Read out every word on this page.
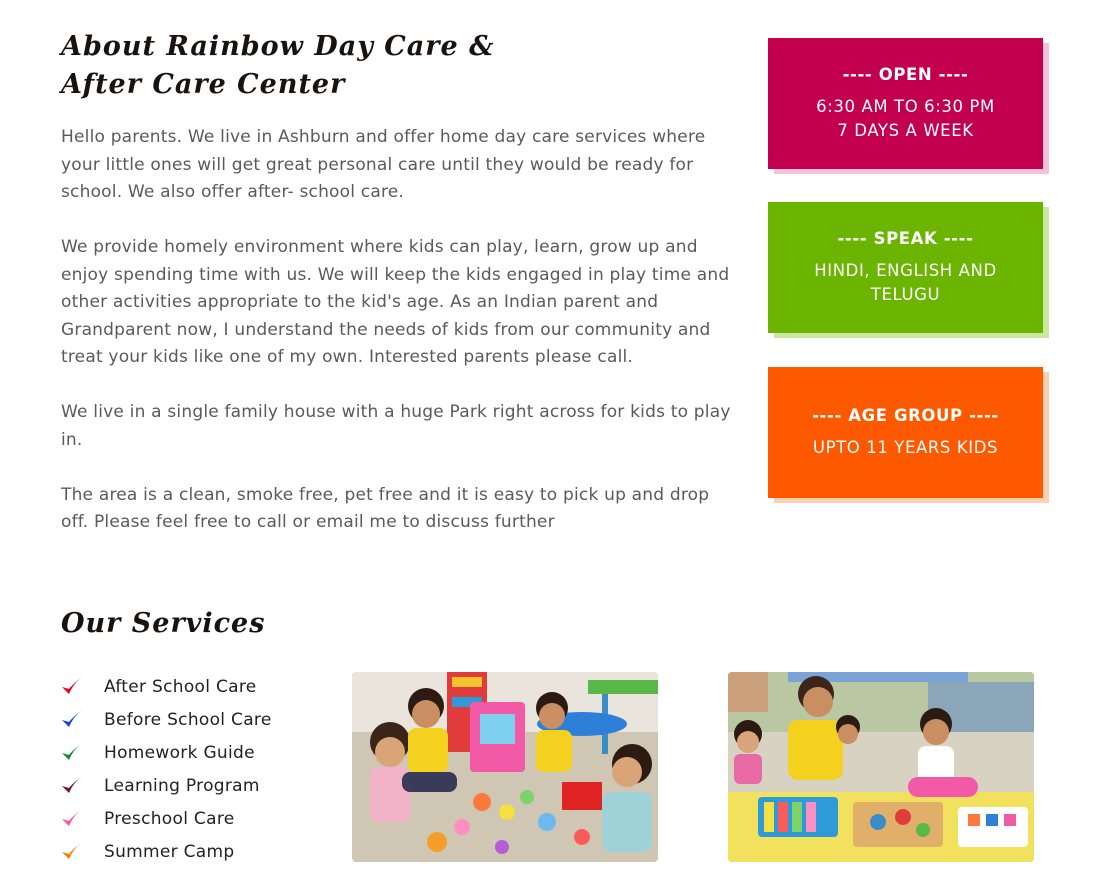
About Rainbow Day Care &
After Care Center

Hello parents. We live in Ashburn and offer home day care services where your little ones will get great personal care until they would be ready for school. We also offer after- school care.

We provide homely environment where kids can play, learn, grow up and enjoy spending time with us. We will keep the kids engaged in play time and other activities appropriate to the kid's age. As an Indian parent and Grandparent now, I understand the needs of kids from our community and treat your kids like one of my own. Interested parents please call.

We live in a single family house with a huge Park right across for kids to play in.

The area is a clean, smoke free, pet free and it is easy to pick up and drop off. Please feel free to call or email me to discuss further

---- OPEN ----
6:30 AM TO 6:30 PM
7 DAYS A WEEK
---- SPEAK ----
HINDI, ENGLISH AND TELUGU
---- AGE GROUP ----
UPTO 11 YEARS KIDS
Our Services
After School Care
Before School Care
Homework Guide
Learning Program
Preschool Care
Summer Camp
